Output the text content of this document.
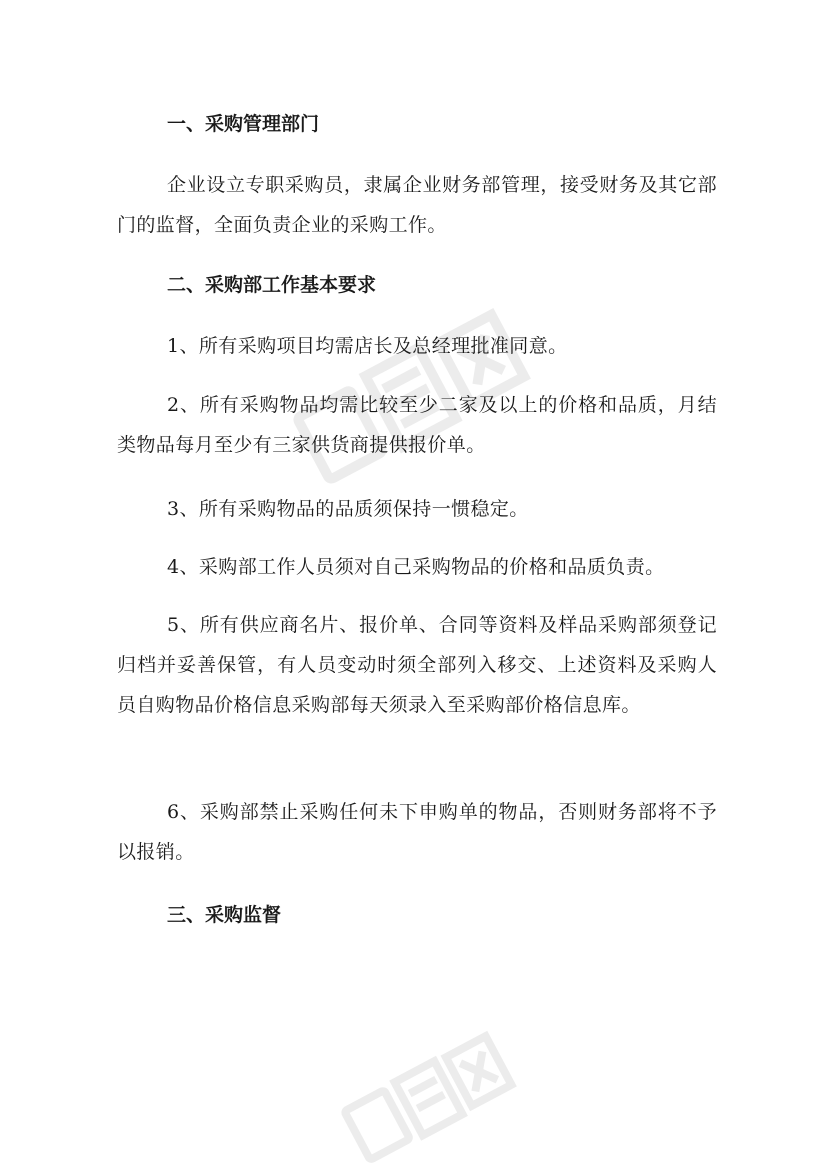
一、采购管理部门
企业设立专职采购员，隶属企业财务部管理，接受财务及其它部门的监督，全面负责企业的采购工作。
二、采购部工作基本要求
1、所有采购项目均需店长及总经理批准同意。
2、所有采购物品均需比较至少二家及以上的价格和品质，月结类物品每月至少有三家供货商提供报价单。
3、所有采购物品的品质须保持一惯稳定。
4、采购部工作人员须对自己采购物品的价格和品质负责。
5、所有供应商名片、报价单、合同等资料及样品采购部须登记归档并妥善保管，有人员变动时须全部列入移交、上述资料及采购人员自购物品价格信息采购部每天须录入至采购部价格信息库。
6、采购部禁止采购任何未下申购单的物品，否则财务部将不予以报销。
三、采购监督
